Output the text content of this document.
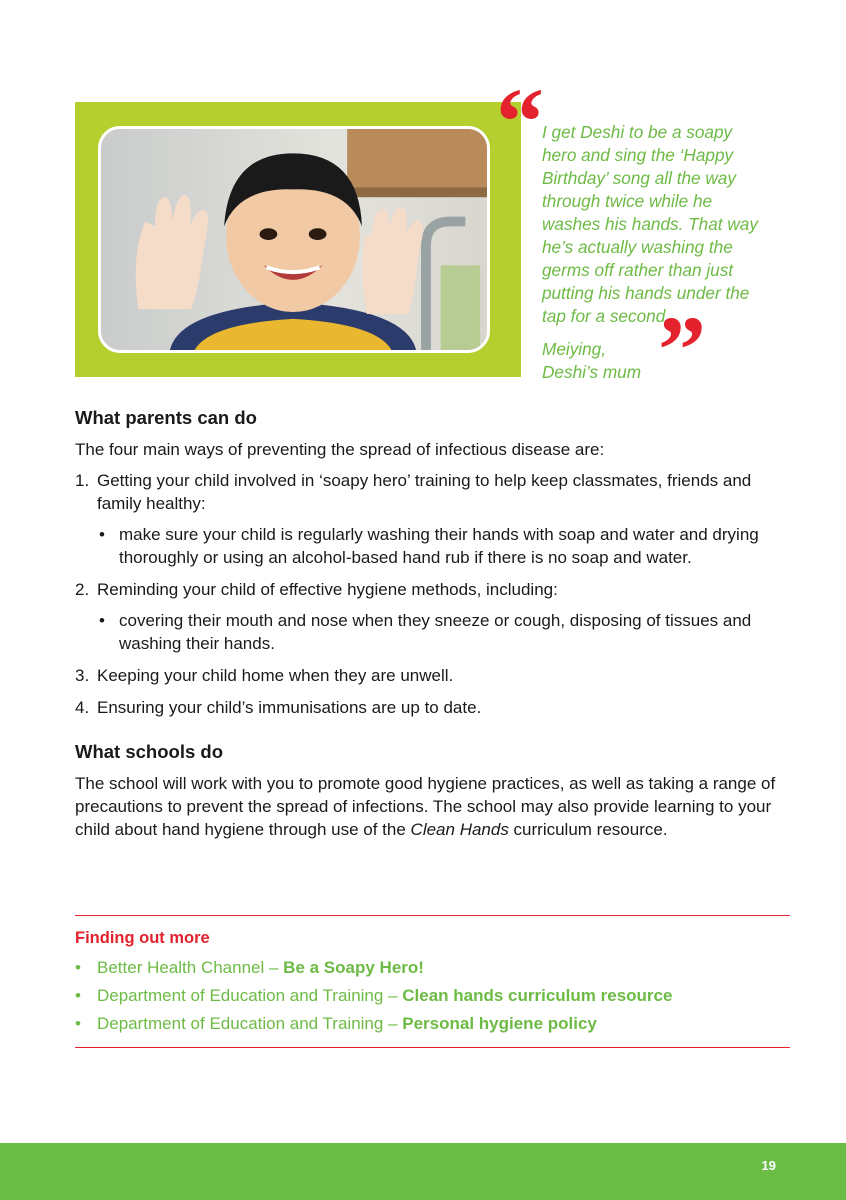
“

I get Deshi to be a soapy
hero and sing the ‘Happy
Birthday’ song all the way
through twice while he
washes his hands. That way
he’s actually washing the
germs off rather than just
putting his hands under the
tap for a second.

Meiying,
Deshi’s mum ”
What parents can do

The four main ways of preventing the spread of infectious disease are:

1. Getting your child involved in ‘soapy hero’ training to help keep classmates, friends and family healthy:
• make sure your child is regularly washing their hands with soap and water and drying thoroughly or using an alcohol-based hand rub if there is no soap and water.
2. Reminding your child of effective hygiene methods, including:
• covering their mouth and nose when they sneeze or cough, disposing of tissues and washing their hands.
3. Keeping your child home when they are unwell.
4. Ensuring your child’s immunisations are up to date.
What schools do

The school will work with you to promote good hygiene practices, as well as taking a range of precautions to prevent the spread of infections. The school may also provide learning to your child about hand hygiene through use of the Clean Hands curriculum resource.

Finding out more
• Better Health Channel – Be a Soapy Hero!
• Department of Education and Training – Clean hands curriculum resource
• Department of Education and Training – Personal hygiene policy
19
